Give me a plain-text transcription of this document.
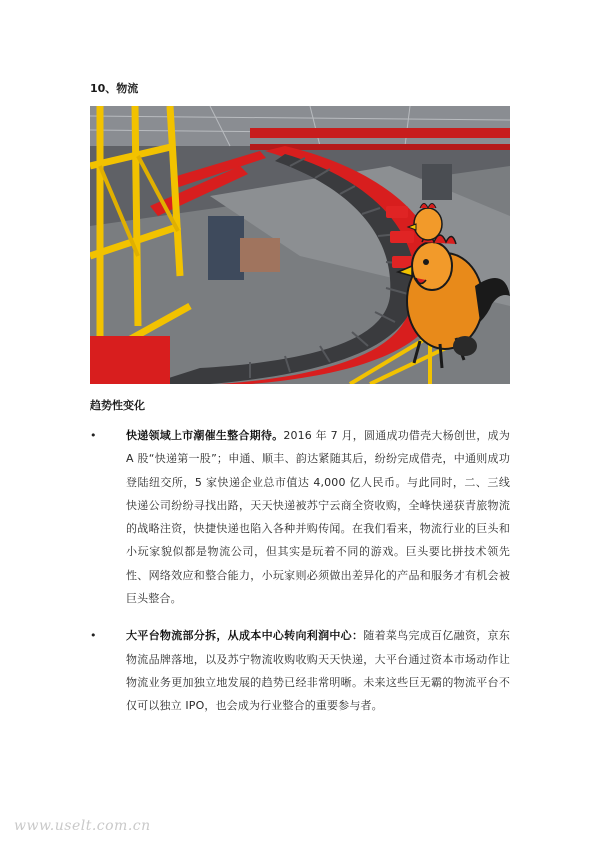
10、物流
趋势性变化
•	快递领域上市潮催生整合期待。2016 年 7 月，圆通成功借壳大杨创世，成为 A 股“快递第一股”；申通、顺丰、韵达紧随其后，纷纷完成借壳，中通则成功登陆纽交所，5 家快递企业总市值达 4,000 亿人民币。与此同时，二、三线快递公司纷纷寻找出路，天天快递被苏宁云商全资收购，全峰快递获青旅物流的战略注资，快捷快递也陷入各种并购传闻。在我们看来，物流行业的巨头和小玩家貌似都是物流公司，但其实是玩着不同的游戏。巨头要比拼技术领先性、网络效应和整合能力，小玩家则必须做出差异化的产品和服务才有机会被巨头整合。
•	大平台物流部分拆，从成本中心转向利润中心：随着菜鸟完成百亿融资，京东物流品牌落地，以及苏宁物流收购收购天天快递，大平台通过资本市场动作让物流业务更加独立地发展的趋势已经非常明晰。未来这些巨无霸的物流平台不仅可以独立 IPO，也会成为行业整合的重要参与者。
www.uselt.com.cn
